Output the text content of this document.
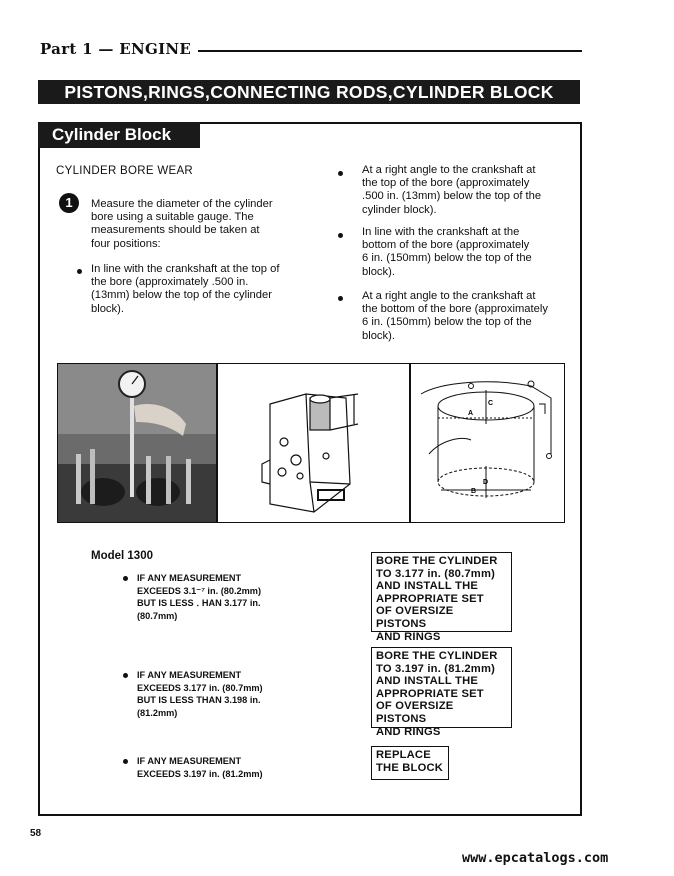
Part 1 — ENGINE
PISTONS,RINGS,CONNECTING RODS,CYLINDER BLOCK
Cylinder Block
CYLINDER BORE WEAR
1	Measure the diameter of the cylinder
bore using a suitable gauge. The
measurements should be taken at
four positions:
In line with the crankshaft at the top of
the bore (approximately .500 in.
(13mm) below the top of the cylinder
block).
At a right angle to the crankshaft at
the top of the bore (approximately
.500 in. (13mm) below the top of the
cylinder block).
In line with the crankshaft at the
bottom of the bore (approximately
6 in. (150mm) below the top of the
block).
At a right angle to the crankshaft at
the bottom of the bore (approximately
6 in. (150mm) below the top of the
block).
A
C
D
B
Model 1300
IF ANY MEASUREMENT
EXCEEDS 3.1⁻⁷ in. (80.2mm)
BUT IS LESS ․ HAN 3.177 in.
(80.7mm)
IF ANY MEASUREMENT
EXCEEDS 3.177 in. (80.7mm)
BUT IS LESS THAN 3.198 in.
(81.2mm)
IF ANY MEASUREMENT
EXCEEDS 3.197 in. (81.2mm)
BORE THE CYLINDER
TO 3.177 in. (80.7mm)
AND INSTALL THE
APPROPRIATE SET
OF OVERSIZE PISTONS
AND RINGS
BORE THE CYLINDER
TO 3.197 in. (81.2mm)
AND INSTALL THE
APPROPRIATE SET
OF OVERSIZE PISTONS
AND RINGS
REPLACE
THE BLOCK
58
www.epcatalogs.com
